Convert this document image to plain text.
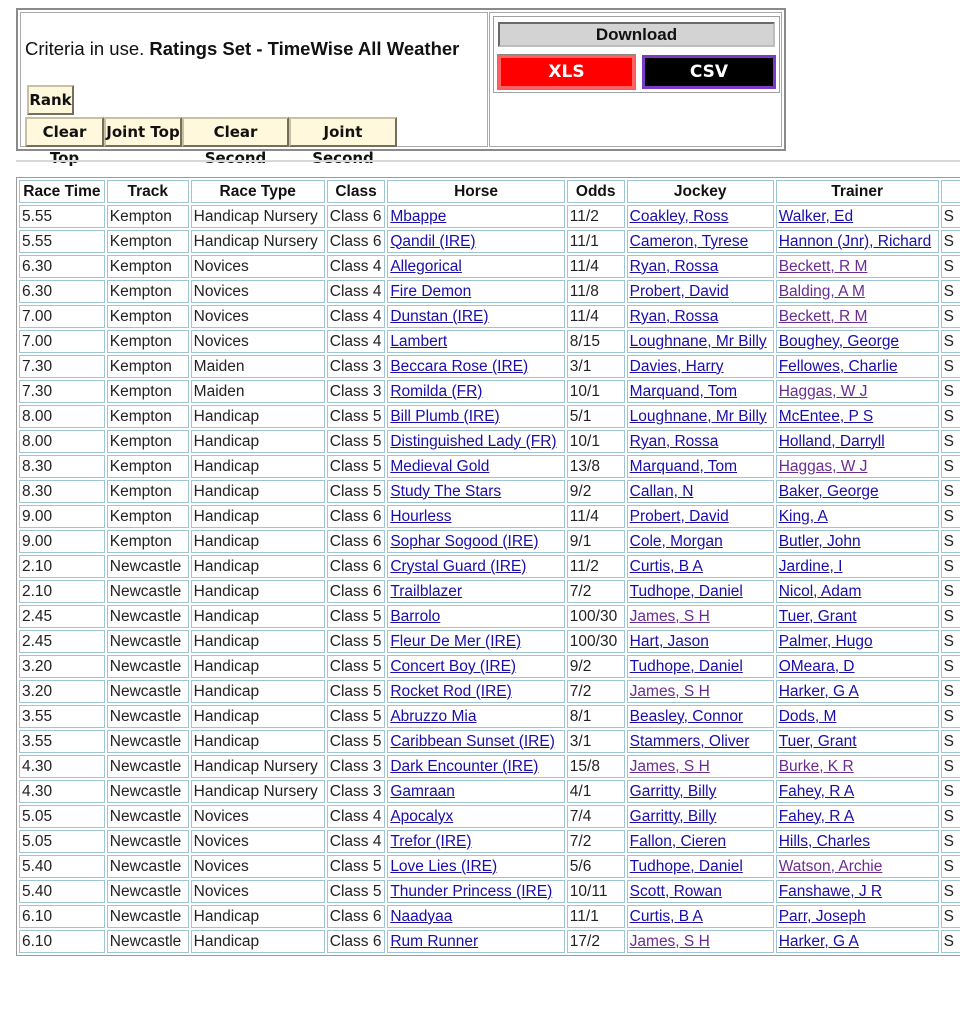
Criteria in use. Ratings Set - TimeWise All Weather
Rank
Clear Top
Joint Top	Clear Second
Joint Second
Download
XLS	CSV
Race Time	Track	Race Type	Class	Horse	Odds	Jockey	Trainer	
5.55	Kempton	Handicap Nursery	Class 6	Mbappe	11/2	Coakley, Ross	Walker, Ed	S
5.55	Kempton	Handicap Nursery	Class 6	Qandil (IRE)	11/1	Cameron, Tyrese	Hannon (Jnr), Richard	S
6.30	Kempton	Novices	Class 4	Allegorical	11/4	Ryan, Rossa	Beckett, R M	S
6.30	Kempton	Novices	Class 4	Fire Demon	11/8	Probert, David	Balding, A M	S
7.00	Kempton	Novices	Class 4	Dunstan (IRE)	11/4	Ryan, Rossa	Beckett, R M	S
7.00	Kempton	Novices	Class 4	Lambert	8/15	Loughnane, Mr Billy	Boughey, George	S
7.30	Kempton	Maiden	Class 3	Beccara Rose (IRE)	3/1	Davies, Harry	Fellowes, Charlie	S
7.30	Kempton	Maiden	Class 3	Romilda (FR)	10/1	Marquand, Tom	Haggas, W J	S
8.00	Kempton	Handicap	Class 5	Bill Plumb (IRE)	5/1	Loughnane, Mr Billy	McEntee, P S	S
8.00	Kempton	Handicap	Class 5	Distinguished Lady (FR)	10/1	Ryan, Rossa	Holland, Darryll	S
8.30	Kempton	Handicap	Class 5	Medieval Gold	13/8	Marquand, Tom	Haggas, W J	S
8.30	Kempton	Handicap	Class 5	Study The Stars	9/2	Callan, N	Baker, George	S
9.00	Kempton	Handicap	Class 6	Hourless	11/4	Probert, David	King, A	S
9.00	Kempton	Handicap	Class 6	Sophar Sogood (IRE)	9/1	Cole, Morgan	Butler, John	S
2.10	Newcastle	Handicap	Class 6	Crystal Guard (IRE)	11/2	Curtis, B A	Jardine, I	S
2.10	Newcastle	Handicap	Class 6	Trailblazer	7/2	Tudhope, Daniel	Nicol, Adam	S
2.45	Newcastle	Handicap	Class 5	Barrolo	100/30	James, S H	Tuer, Grant	S
2.45	Newcastle	Handicap	Class 5	Fleur De Mer (IRE)	100/30	Hart, Jason	Palmer, Hugo	S
3.20	Newcastle	Handicap	Class 5	Concert Boy (IRE)	9/2	Tudhope, Daniel	OMeara, D	S
3.20	Newcastle	Handicap	Class 5	Rocket Rod (IRE)	7/2	James, S H	Harker, G A	S
3.55	Newcastle	Handicap	Class 5	Abruzzo Mia	8/1	Beasley, Connor	Dods, M	S
3.55	Newcastle	Handicap	Class 5	Caribbean Sunset (IRE)	3/1	Stammers, Oliver	Tuer, Grant	S
4.30	Newcastle	Handicap Nursery	Class 3	Dark Encounter (IRE)	15/8	James, S H	Burke, K R	S
4.30	Newcastle	Handicap Nursery	Class 3	Gamraan	4/1	Garritty, Billy	Fahey, R A	S
5.05	Newcastle	Novices	Class 4	Apocalyx	7/4	Garritty, Billy	Fahey, R A	S
5.05	Newcastle	Novices	Class 4	Trefor (IRE)	7/2	Fallon, Cieren	Hills, Charles	S
5.40	Newcastle	Novices	Class 5	Love Lies (IRE)	5/6	Tudhope, Daniel	Watson, Archie	S
5.40	Newcastle	Novices	Class 5	Thunder Princess (IRE)	10/11	Scott, Rowan	Fanshawe, J R	S
6.10	Newcastle	Handicap	Class 6	Naadyaa	11/1	Curtis, B A	Parr, Joseph	S
6.10	Newcastle	Handicap	Class 6	Rum Runner	17/2	James, S H	Harker, G A	S
